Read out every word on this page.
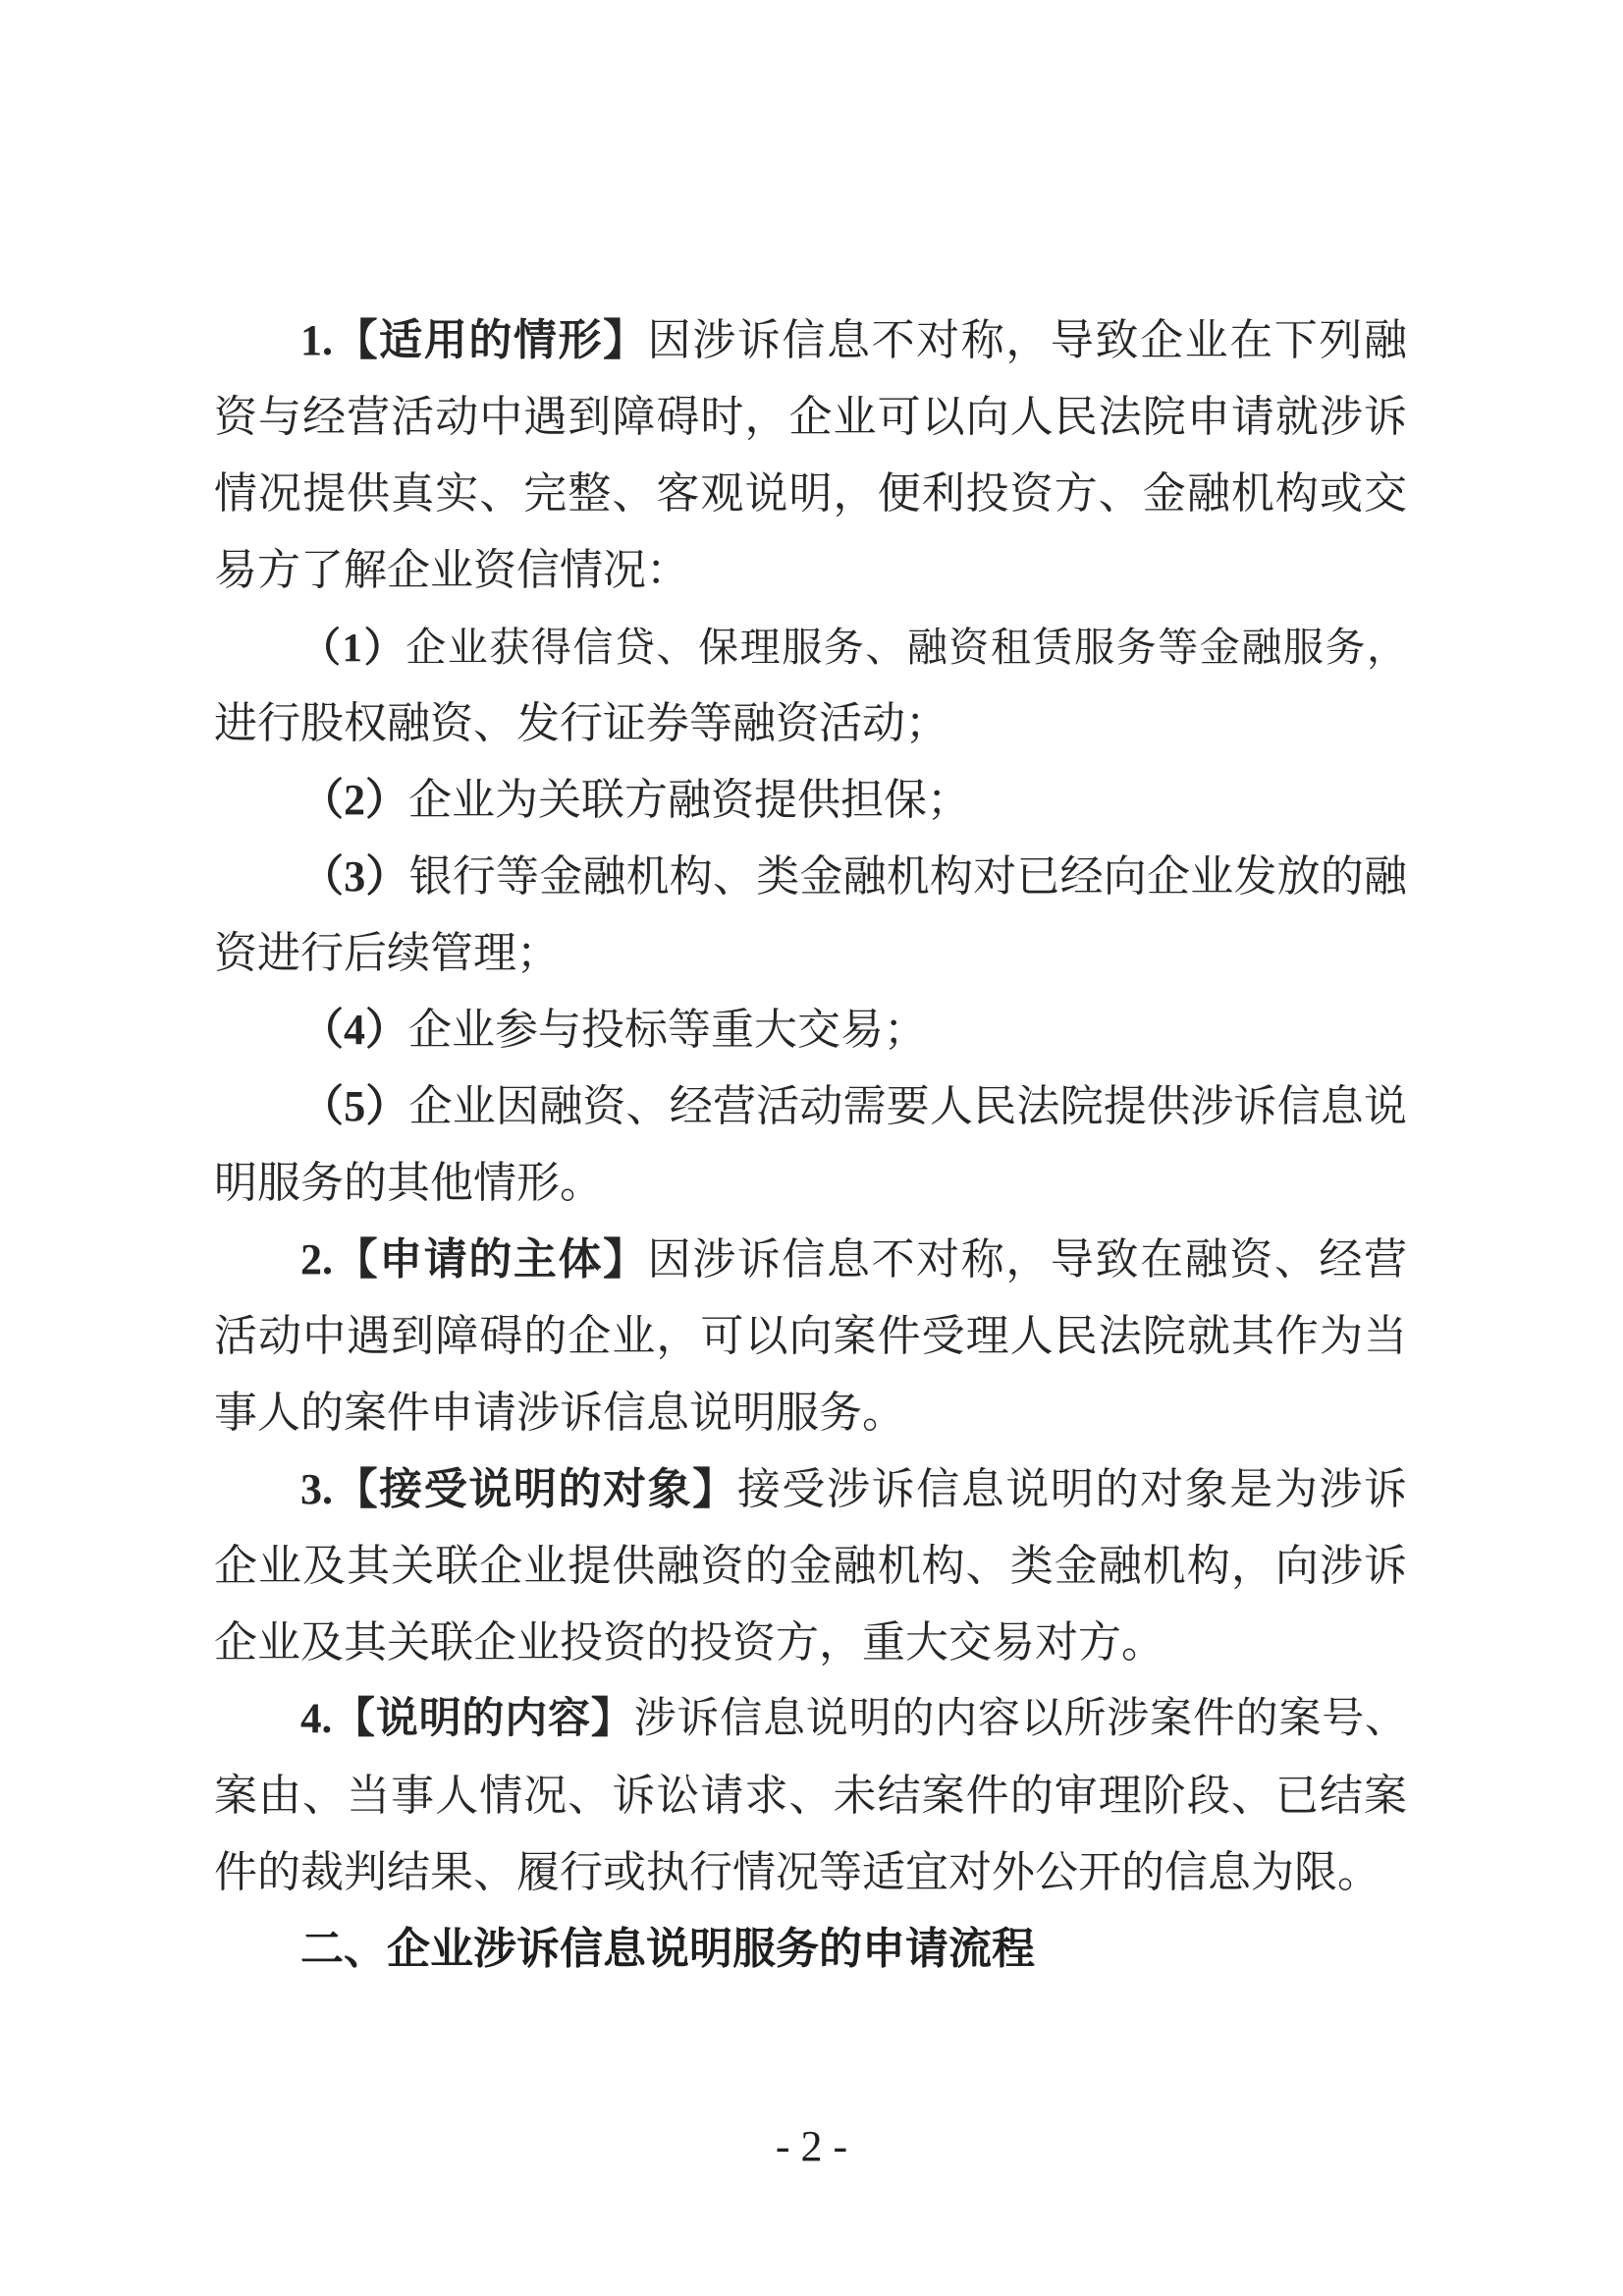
1.【适用的情形】因涉诉信息不对称，导致企业在下列融
资与经营活动中遇到障碍时，企业可以向人民法院申请就涉诉
情况提供真实、完整、客观说明，便利投资方、金融机构或交
易方了解企业资信情况：
（1）企业获得信贷、保理服务、融资租赁服务等金融服务，
进行股权融资、发行证券等融资活动；
（2）企业为关联方融资提供担保；
（3）银行等金融机构、类金融机构对已经向企业发放的融
资进行后续管理；
（4）企业参与投标等重大交易；
（5）企业因融资、经营活动需要人民法院提供涉诉信息说
明服务的其他情形。
2.【申请的主体】因涉诉信息不对称，导致在融资、经营
活动中遇到障碍的企业，可以向案件受理人民法院就其作为当
事人的案件申请涉诉信息说明服务。
3.【接受说明的对象】接受涉诉信息说明的对象是为涉诉
企业及其关联企业提供融资的金融机构、类金融机构，向涉诉
企业及其关联企业投资的投资方，重大交易对方。
4.【说明的内容】涉诉信息说明的内容以所涉案件的案号、
案由、当事人情况、诉讼请求、未结案件的审理阶段、已结案
件的裁判结果、履行或执行情况等适宜对外公开的信息为限。
二、企业涉诉信息说明服务的申请流程
- 2 -
